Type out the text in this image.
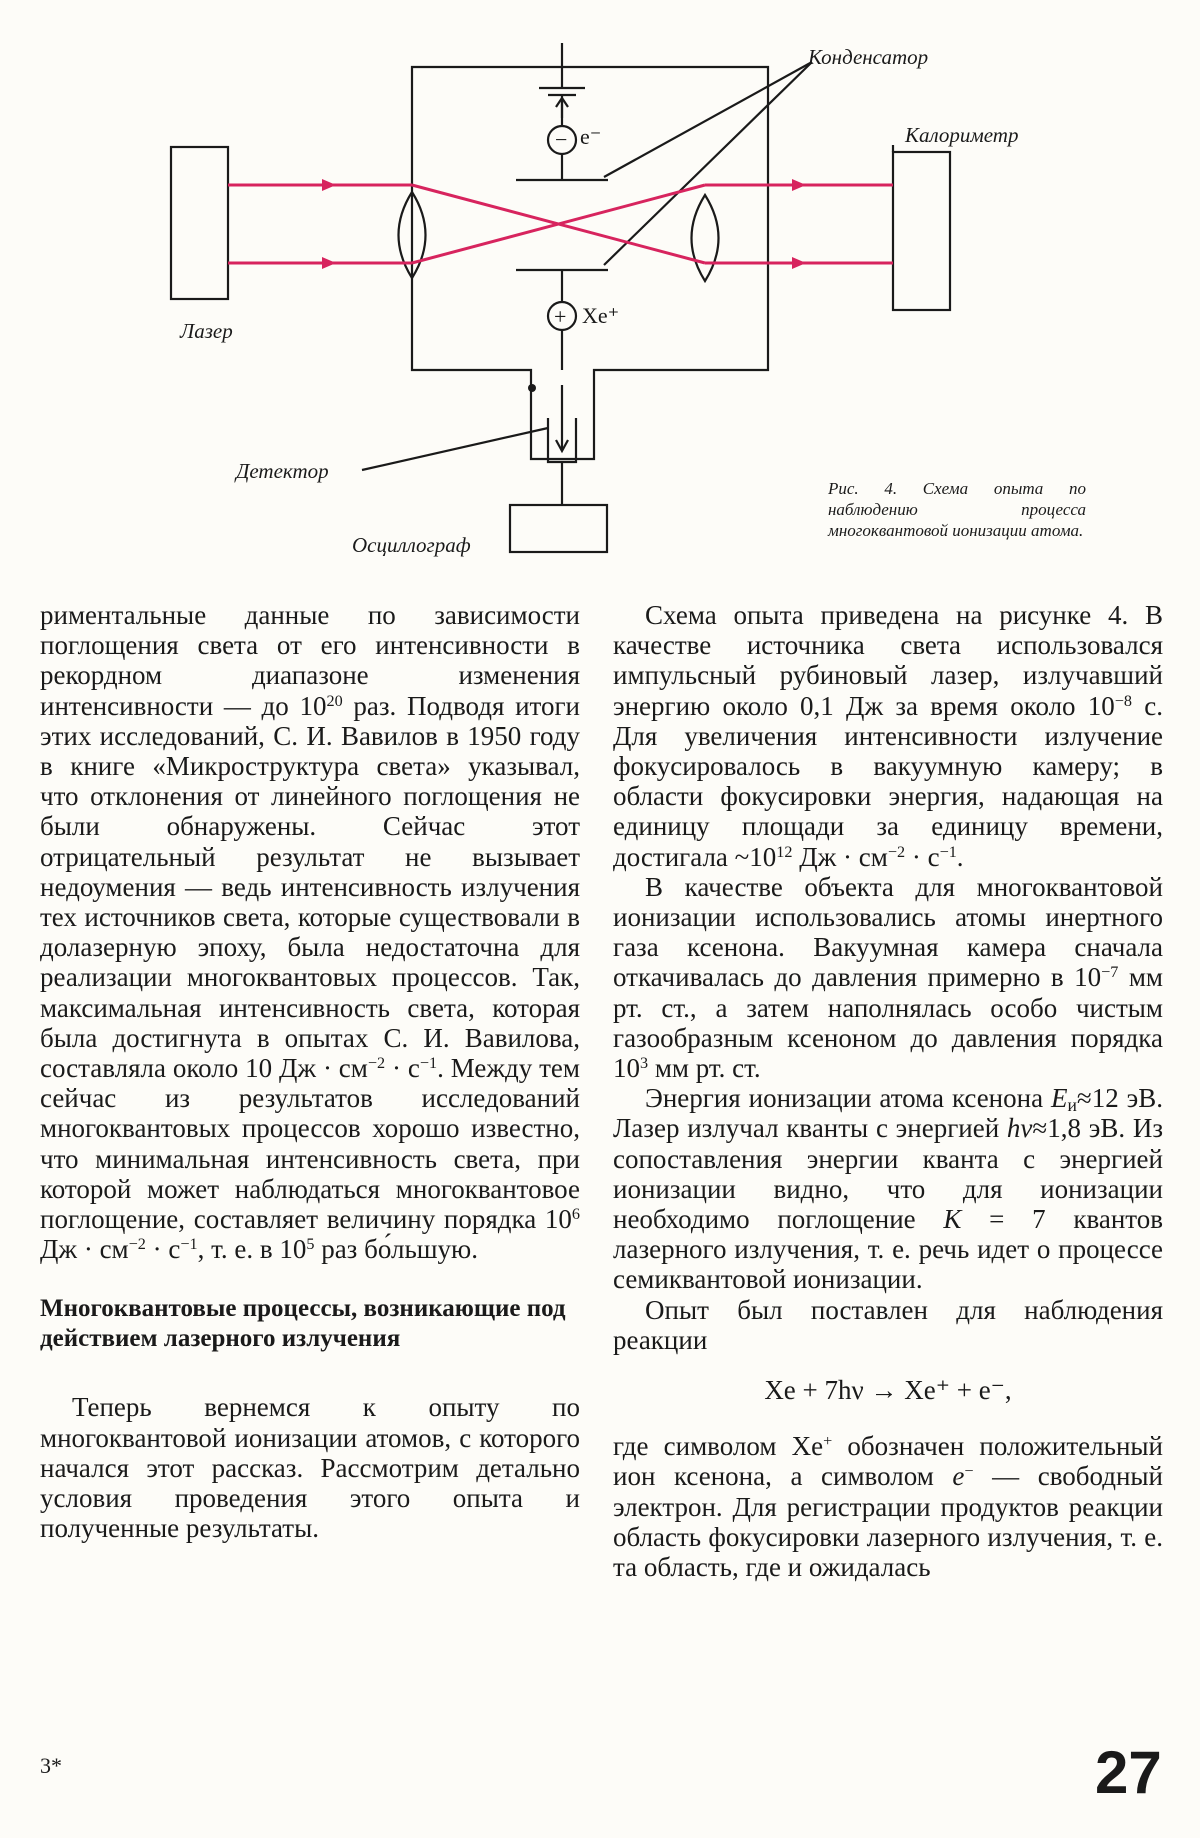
Конденсатор
Калориметр
Лазер
Детектор
Осциллограф
− e⁻
+ Xe⁺

Рис. 4. Схема опыта по наблюдению процесса многоквантовой ионизации атома.

риментальные данные по зависимости поглощения света от его интенсивности в рекордном диапазоне изменения интенсивности — до $10^{20}$ раз. Подводя итоги этих исследований, С. И. Вавилов в 1950 году в книге «Микроструктура света» указывал, что отклонения от линейного поглощения не были обнаружены. Сейчас этот отрицательный результат не вызывает недоумения — ведь интенсивность излучения тех источников света, которые существовали в долазерную эпоху, была недостаточна для реализации многоквантовых процессов. Так, максимальная интенсивность света, которая была достигнута в опытах С. И. Вавилова, составляла около 10 Дж · $см^{-2} \cdot с^{-1}$. Между тем сейчас из результатов исследований многоквантовых процессов хорошо известно, что минимальная интенсивность света, при которой может наблюдаться многоквантовое поглощение, составляет величину порядка $10^6$ Дж · $см^{-2} \cdot с^{-1}$, т. е. в $10^5$ раз бо́льшую.

Многоквантовые процессы, возникающие под действием лазерного излучения

Теперь вернемся к опыту по многоквантовой ионизации атомов, с которого начался этот рассказ. Рассмотрим детально условия проведения этого опыта и полученные результаты.

Схема опыта приведена на рисунке 4. В качестве источника света использовался импульсный рубиновый лазер, излучавший энергию около 0,1 Дж за время около $10^{-8}$ с. Для увеличения интенсивности излучение фокусировалось в вакуумную камеру; в области фокусировки энергия, надающая на единицу площади за единицу времени, достигала $\sim 10^{12}$ Дж · $см^{-2} \cdot с^{-1}$.

В качестве объекта для многоквантовой ионизации использовались атомы инертного газа ксенона. Вакуумная камера сначала откачивалась до давления примерно в $10^{-7}$ мм рт. ст., а затем наполнялась особо чистым газообразным ксеноном до давления порядка $10^3$ мм рт. ст.

Энергия ионизации атома ксенона $E_и\approx 12$ эВ. Лазер излучал кванты с энергией hν≈1,8 эВ. Из сопоставления энергии кванта с энергией ионизации видно, что для ионизации необходимо поглощение K = 7 квантов лазерного излучения, т. е. речь идет о процессе семиквантовой ионизации.

Опыт был поставлен для наблюдения реакции

Xe + 7hν → Xe⁺ + e⁻,

где символом Xe+ обозначен положительный ион ксенона, а символом e− — свободный электрон. Для регистрации продуктов реакции область фокусировки лазерного излучения, т. е. та область, где и ожидалась

3*	27
